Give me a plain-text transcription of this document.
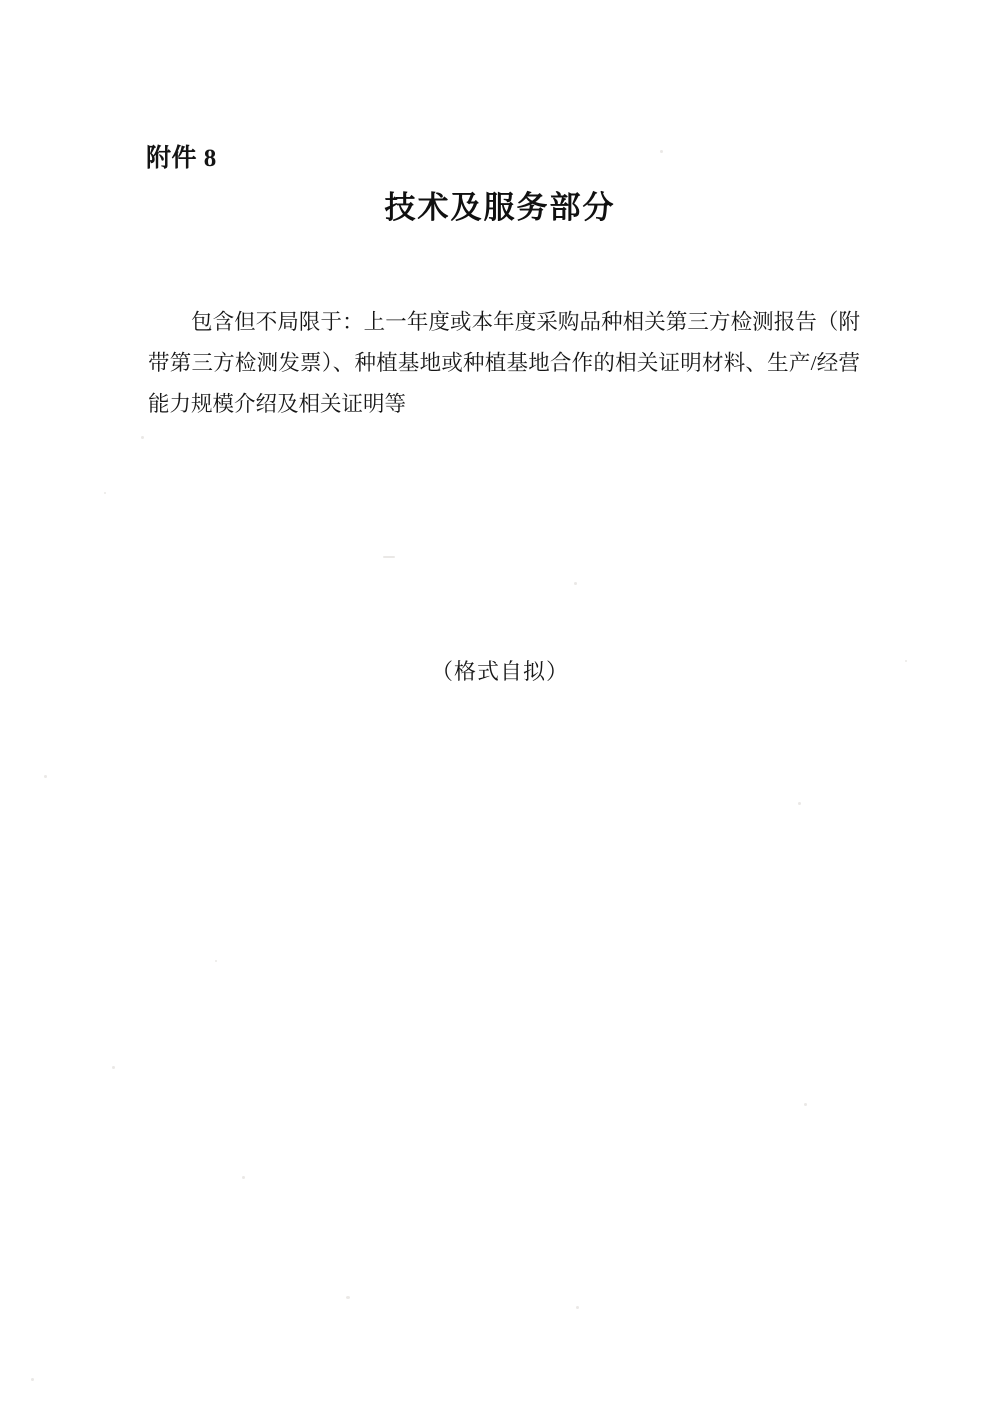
附件 8
技术及服务部分
包含但不局限于：上一年度或本年度采购品种相关第三方检测报告（附带第三方检测发票）、种植基地或种植基地合作的相关证明材料、生产/经营能力规模介绍及相关证明等
（格式自拟）
